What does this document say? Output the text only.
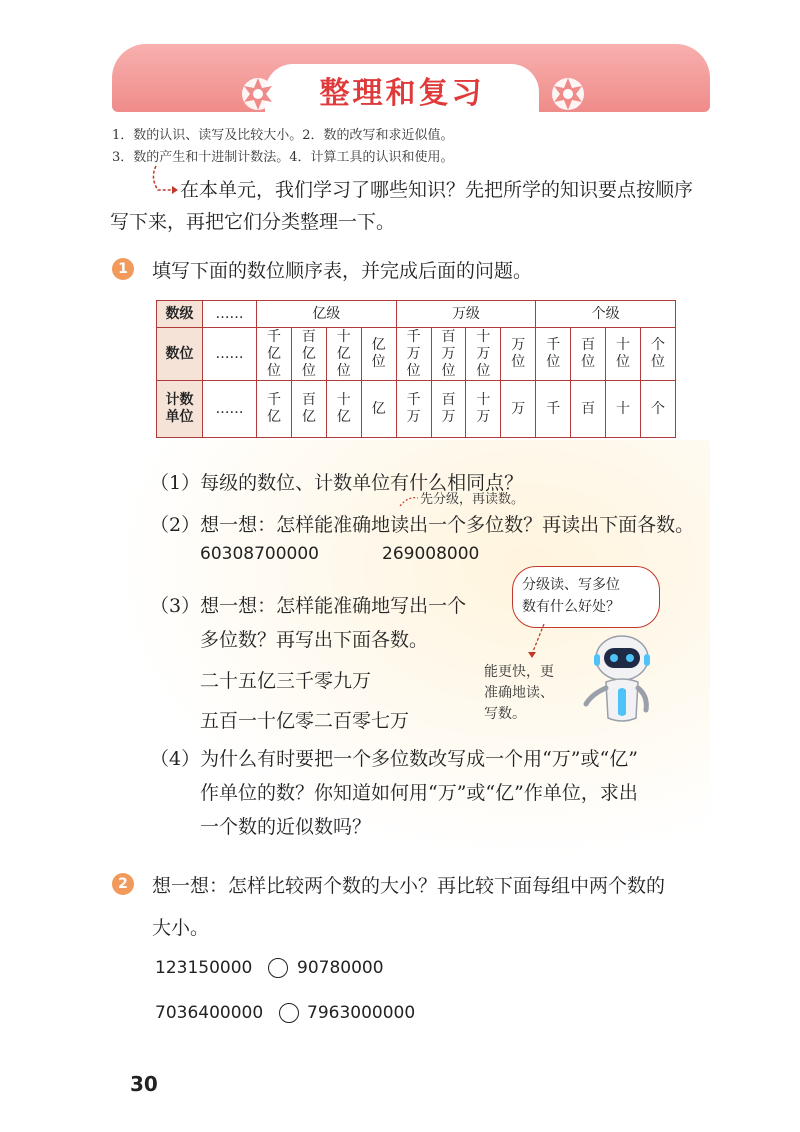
整理和复习
1．数的认识、读写及比较大小。2．数的改写和求近似值。
3．数的产生和十进制计数法。4．计算工具的认识和使用。
在本单元，我们学习了哪些知识？先把所学的知识要点按顺序
写下来，再把它们分类整理一下。
1	填写下面的数位顺序表，并完成后面的问题。
数级	……	亿级				万级				个级			
数位	……	千亿位	百亿位	十亿位	亿位	千万位	百万位	十万位	万位	千位	百位	十位	个位
计数单位	……	千亿	百亿	十亿	亿	千万	百万	十万	万	千	百	十	个
（1）每级的数位、计数单位有什么相同点？
先分级，再读数。
（2）想一想：怎样能准确地读出一个多位数？再读出下面各数。
60308700000	269008000
（3）想一想：怎样能准确地写出一个
多位数？再写出下面各数。
二十五亿三千零九万
五百一十亿零二百零七万
分级读、写多位
数有什么好处？
能更快，更
准确地读、
写数。
（4）为什么有时要把一个多位数改写成一个用“万”或“亿”
作单位的数？你知道如何用“万”或“亿”作单位，求出
一个数的近似数吗？
2	想一想：怎样比较两个数的大小？再比较下面每组中两个数的
大小。
123150000	90780000
7036400000	7963000000
30
